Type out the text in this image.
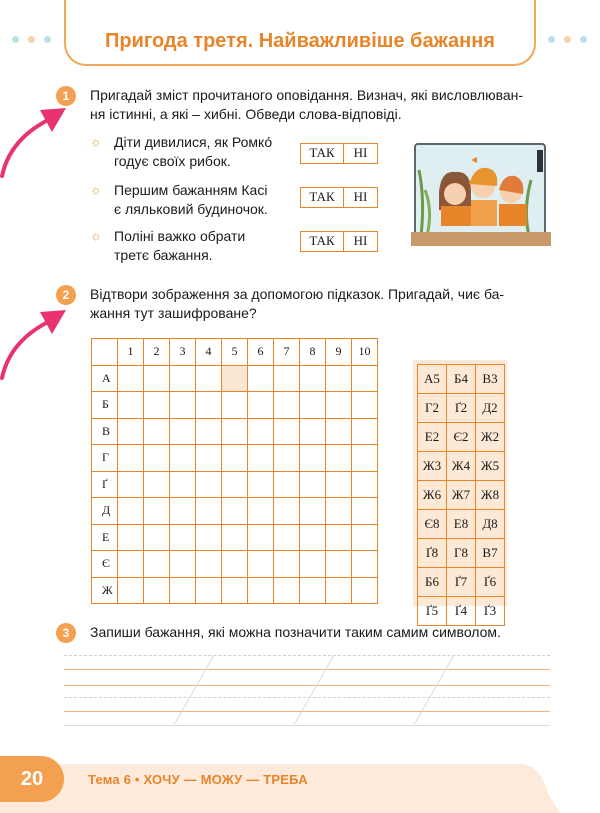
Пригода третя. Найважливіше бажання
1	Пригадай зміст прочитаного оповідання. Визнач, які висловлюван-
ня істинні, а які – хибні. Обведи слова-відповіді.
☼ Діти дивилися, як Ромко́
годує своїх рибок.
ТАК	НІ
☼ Першим бажанням Касі
є ляльковий будиночок.
ТАК	НІ
☼ Поліні важко обрати
третє бажання.
ТАК	НІ
2	Відтвори зображення за допомогою підказок. Пригадай, чиє ба-
жання тут зашифроване?
	1	2	3	4	5	6	7	8	9	10
А										
Б										
В										
Г										
Ґ										
Д										
Е										
Є										
Ж										
А5	Б4	В3
Г2	Ґ2	Д2
Е2	Є2	Ж2
Ж3	Ж4	Ж5
Ж6	Ж7	Ж8
Є8	Е8	Д8
Ґ8	Г8	В7
Б6	Ґ7	Ґ6
Ґ5	Ґ4	Ґ3
3	Запиши бажання, які можна позначити таким самим символом.
20	Тема 6 • ХОЧУ — МОЖУ — ТРЕБА
